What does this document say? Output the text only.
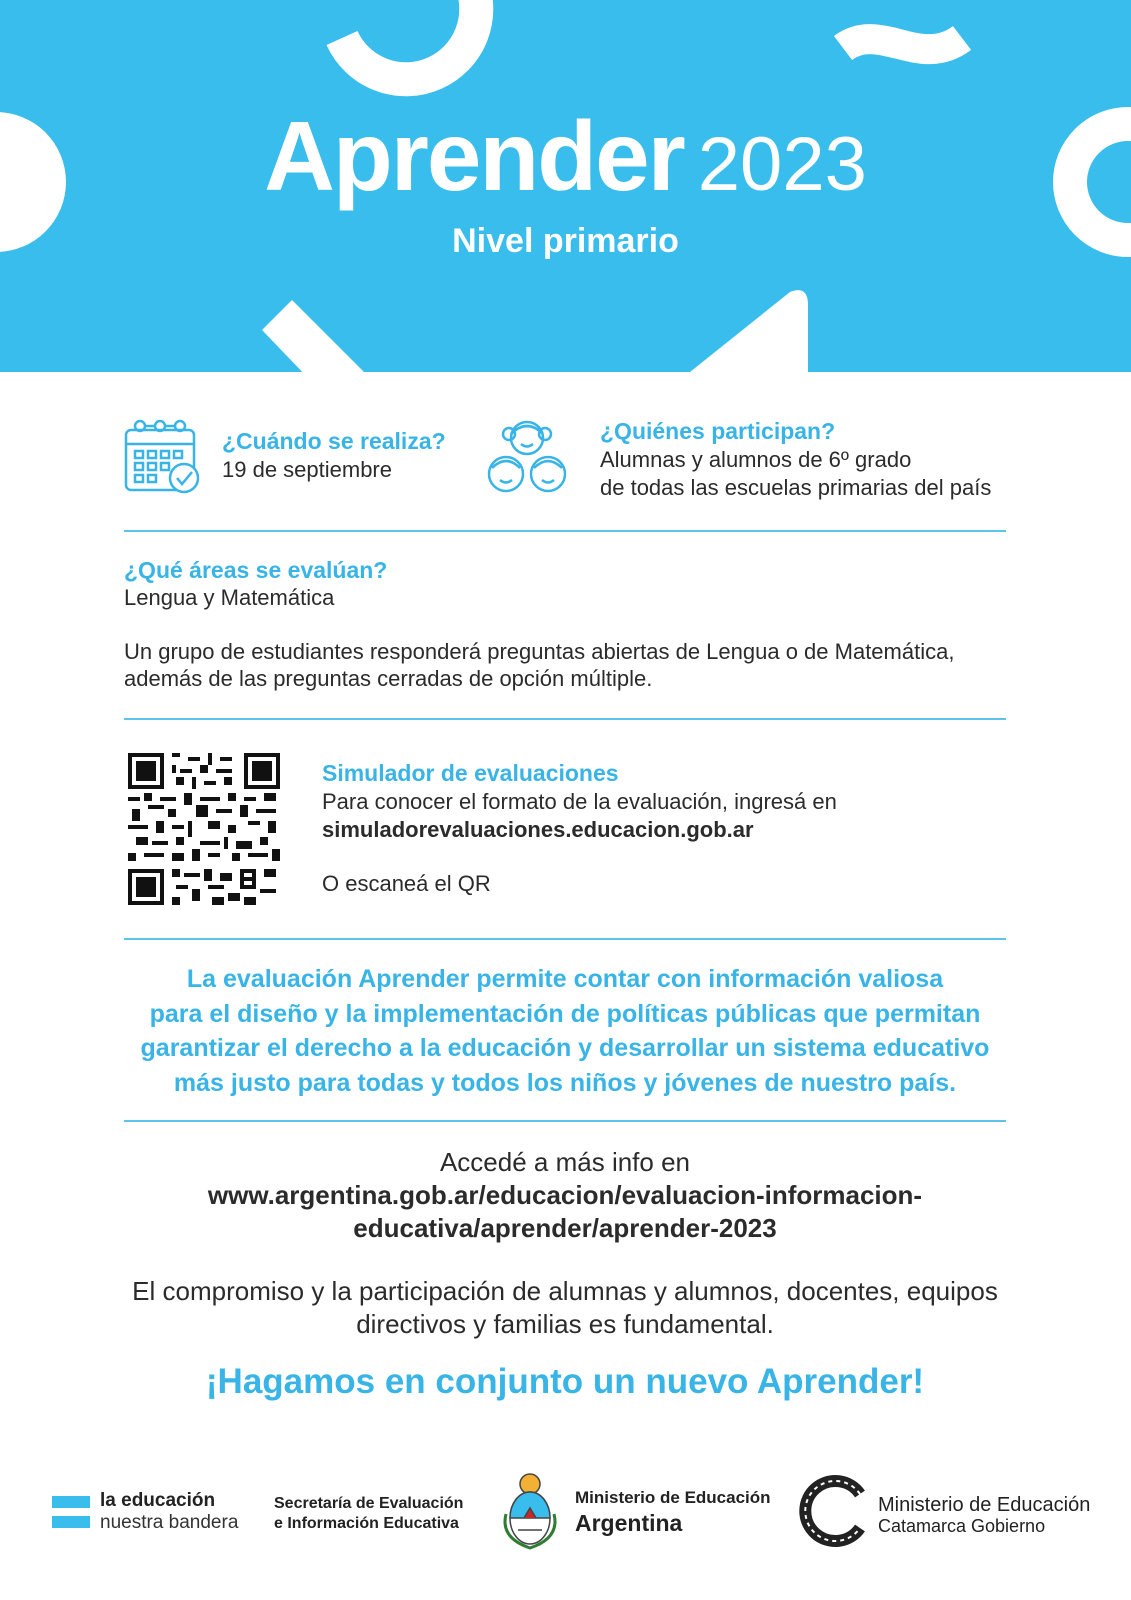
Aprender 2023
Nivel primario
¿Cuándo se realiza?
19 de septiembre
¿Quiénes participan?
Alumnas y alumnos de 6º grado
de todas las escuelas primarias del país
¿Qué áreas se evalúan?
Lengua y Matemática
Un grupo de estudiantes responderá preguntas abiertas de Lengua o de Matemática,
además de las preguntas cerradas de opción múltiple.
Simulador de evaluaciones
Para conocer el formato de la evaluación, ingresá en
simuladorevaluaciones.educacion.gob.ar
O escaneá el QR
La evaluación Aprender permite contar con información valiosa
para el diseño y la implementación de políticas públicas que permitan
garantizar el derecho a la educación y desarrollar un sistema educativo
más justo para todas y todos los niños y jóvenes de nuestro país.
Accedé a más info en
www.argentina.gob.ar/educacion/evaluacion-informacion-
educativa/aprender/aprender-2023
El compromiso y la participación de alumnas y alumnos, docentes, equipos
directivos y familias es fundamental.
¡Hagamos en conjunto un nuevo Aprender!
la educación
nuestra bandera
Secretaría de Evaluación
e Información Educativa
Ministerio de Educación
Argentina
Ministerio de Educación
Catamarca Gobierno
